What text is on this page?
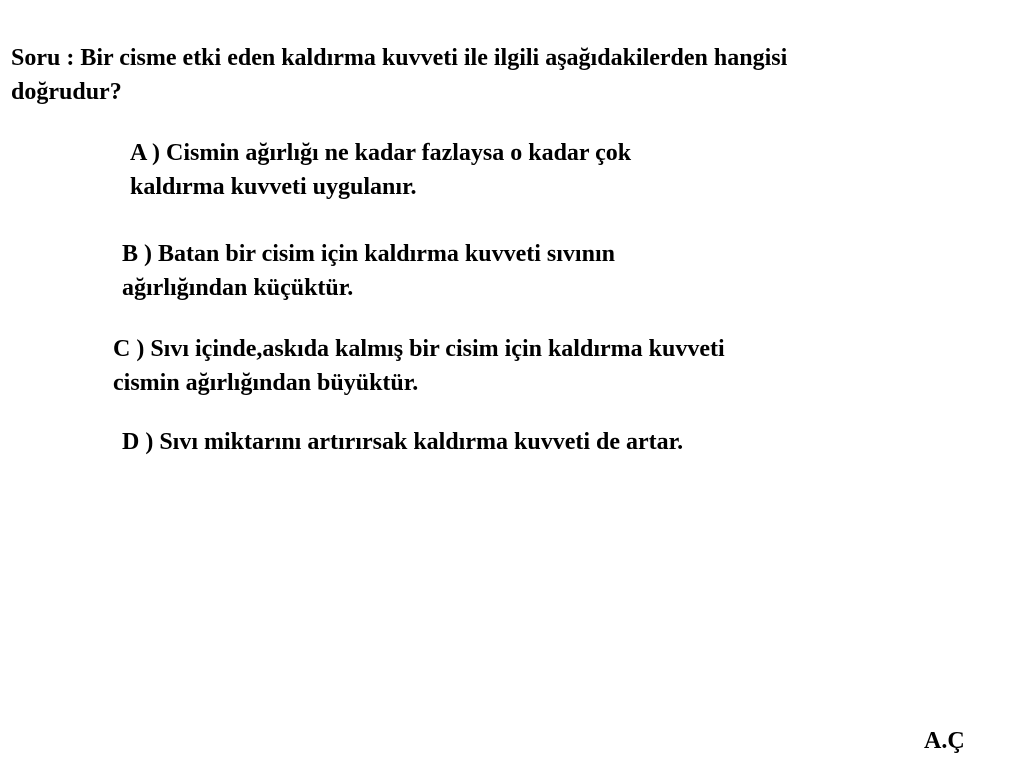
Soru : Bir cisme etki eden kaldırma kuvveti ile ilgili aşağıdakilerden hangisi
doğrudur?
A ) Cismin ağırlığı ne kadar fazlaysa o kadar çok
kaldırma kuvveti uygulanır.
B ) Batan bir cisim için kaldırma kuvveti sıvının
ağırlığından küçüktür.
C ) Sıvı içinde,askıda kalmış bir cisim için kaldırma kuvveti
cismin ağırlığından büyüktür.
D ) Sıvı miktarını artırırsak kaldırma kuvveti de artar.
A.Ç
